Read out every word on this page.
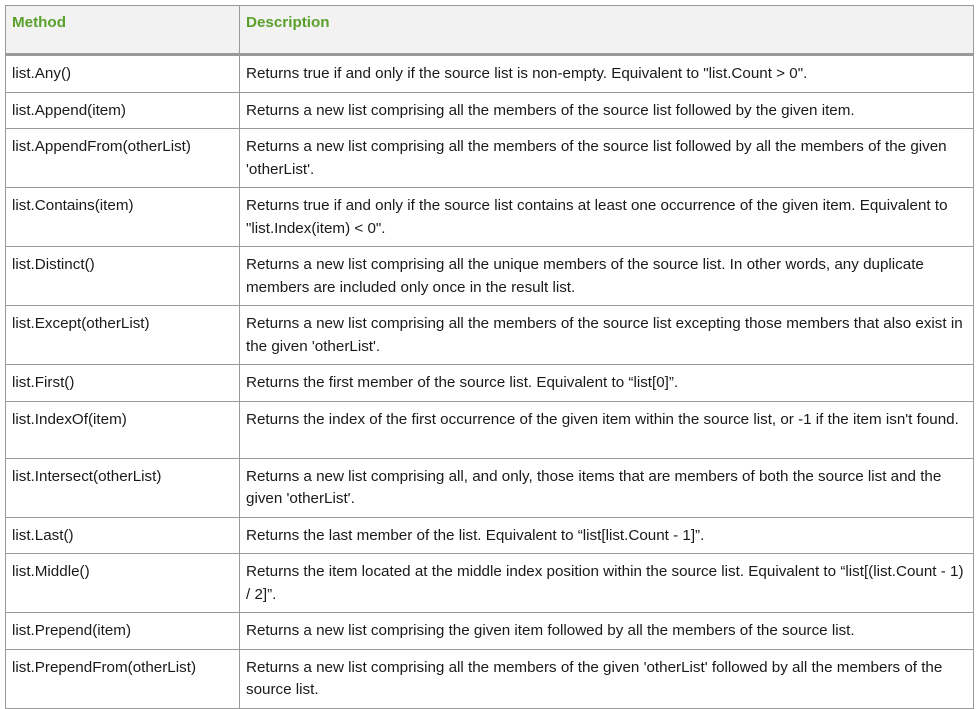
Method	Description
list.Any()	Returns true if and only if the source list is non-empty. Equivalent to "list.Count > 0".
list.Append(item)	Returns a new list comprising all the members of the source list followed by the given item.
list.AppendFrom(otherList)	Returns a new list comprising all the members of the source list followed by all the members of the given 'otherList'.
list.Contains(item)	Returns true if and only if the source list contains at least one occurrence of the given item. Equivalent to "list.Index(item) < 0".
list.Distinct()	Returns a new list comprising all the unique members of the source list. In other words, any duplicate members are included only once in the result list.
list.Except(otherList)	Returns a new list comprising all the members of the source list excepting those members that also exist in the given 'otherList'.
list.First()	Returns the first member of the source list. Equivalent to “list[0]”.
list.IndexOf(item)	Returns the index of the first occurrence of the given item within the source list, or -1 if the item isn't found.
list.Intersect(otherList)	Returns a new list comprising all, and only, those items that are members of both the source list and the given 'otherList'.
list.Last()	Returns the last member of the list. Equivalent to “list[list.Count - 1]”.
list.Middle()	Returns the item located at the middle index position within the source list. Equivalent to “list[(list.Count - 1) / 2]”.
list.Prepend(item)	Returns a new list comprising the given item followed by all the members of the source list.
list.PrependFrom(otherList)	Returns a new list comprising all the members of the given 'otherList' followed by all the members of the source list.
